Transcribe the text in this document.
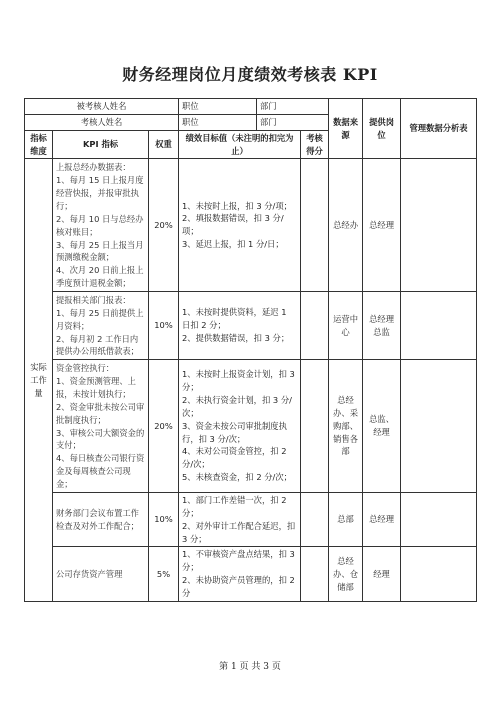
财务经理岗位月度绩效考核表 KPI
被考核人姓名			职位	部门		数据来源	提供岗位	管理数据分析表
考核人姓名			职位	部门				
指标维度	KPI 指标	权重	绩效目标值（未注明的扣完为止）		考核得分			
实际工作量	上报总经办数据表：
1、每月 15 日上报月度经营快报，并报审批执行；
2、每月 10 日与总经办核对账目；
3、每月 25 日上报当月预测缴税金额；
4、次月 20 日前上报上季度预计退税金额；	20%	1、未按时上报，扣 3 分/项；
2、填报数据错误，扣 3 分/项；
3、延迟上报，扣 1 分/日；			总经办	总经理	

	提报相关部门报表：
1、每月 25 日前提供上月资料；
2、每月初 2 工作日内提供办公用纸借款表；	10%	1、未按时提供资料，延迟 1 日扣 2 分；
2、提供数据错误，扣 3 分；			运营中心	总经理总监	

	资金管控执行：
1、资金预测管理、上报，未按计划执行；
2、资金审批未按公司审批制度执行；
3、审核公司大额资金的支付；
4、每日核查公司银行资金及每周核查公司现金；	20%	1、未按时上报资金计划，扣 3 分；
2、未执行资金计划，扣 3 分/次；
3、资金未按公司审批制度执行，扣 3 分/次；
4、未对公司资金管控，扣 2 分/次；
5、未核查资金，扣 2 分/次；			总经办、采购部、销售各部	总监、经理	

	财务部门会议布置工作检查及对外工作配合；	10%	1、部门工作差错一次，扣 2 分；
2、对外审计工作配合延迟，扣 3 分；			总部	总经理	

	公司存货资产管理	5%	1、不审核资产盘点结果，扣 3 分；
2、未协助资产员管理的，扣 2 分			总经办、仓储部	经理	
第 1 页 共 3 页
